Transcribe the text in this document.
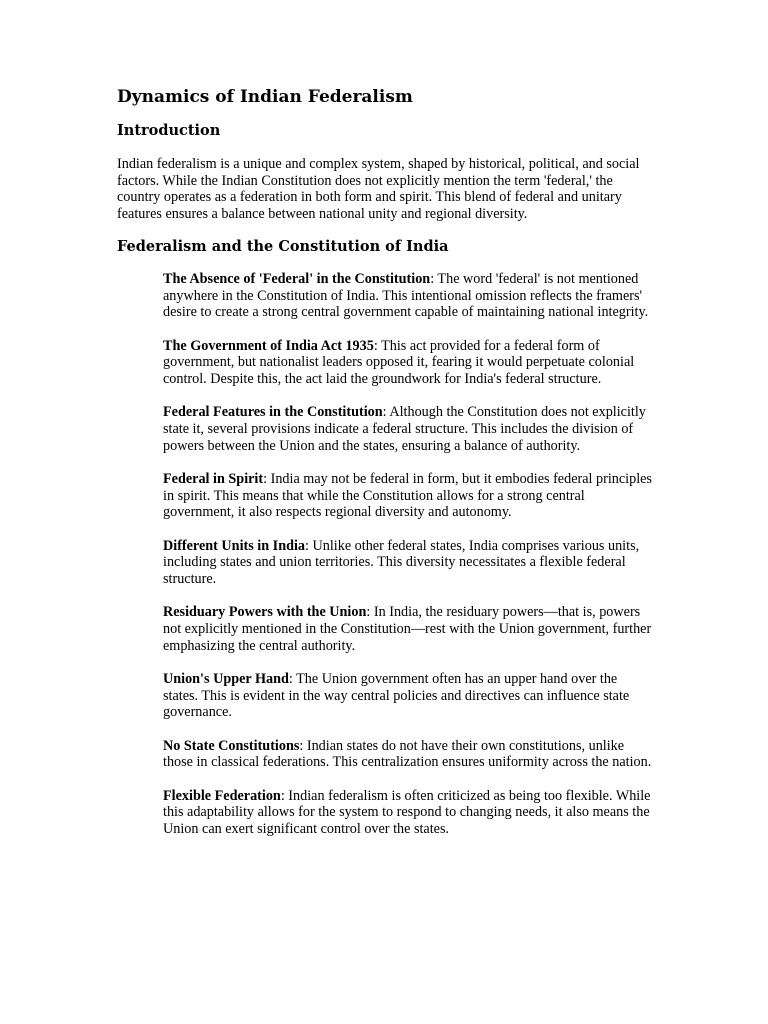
Dynamics of Indian Federalism
Introduction

Indian federalism is a unique and complex system, shaped by historical, political, and social factors. While the Indian Constitution does not explicitly mention the term 'federal,' the country operates as a federation in both form and spirit. This blend of federal and unitary features ensures a balance between national unity and regional diversity.

Federalism and the Constitution of India
The Absence of 'Federal' in the Constitution: The word 'federal' is not mentioned anywhere in the Constitution of India. This intentional omission reflects the framers' desire to create a strong central government capable of maintaining national integrity.
The Government of India Act 1935: This act provided for a federal form of government, but nationalist leaders opposed it, fearing it would perpetuate colonial control. Despite this, the act laid the groundwork for India's federal structure.
Federal Features in the Constitution: Although the Constitution does not explicitly state it, several provisions indicate a federal structure. This includes the division of powers between the Union and the states, ensuring a balance of authority.
Federal in Spirit: India may not be federal in form, but it embodies federal principles in spirit. This means that while the Constitution allows for a strong central government, it also respects regional diversity and autonomy.
Different Units in India: Unlike other federal states, India comprises various units, including states and union territories. This diversity necessitates a flexible federal structure.
Residuary Powers with the Union: In India, the residuary powers—that is, powers not explicitly mentioned in the Constitution—rest with the Union government, further emphasizing the central authority.
Union's Upper Hand: The Union government often has an upper hand over the states. This is evident in the way central policies and directives can influence state governance.
No State Constitutions: Indian states do not have their own constitutions, unlike those in classical federations. This centralization ensures uniformity across the nation.
Flexible Federation: Indian federalism is often criticized as being too flexible. While this adaptability allows for the system to respond to changing needs, it also means the Union can exert significant control over the states.
